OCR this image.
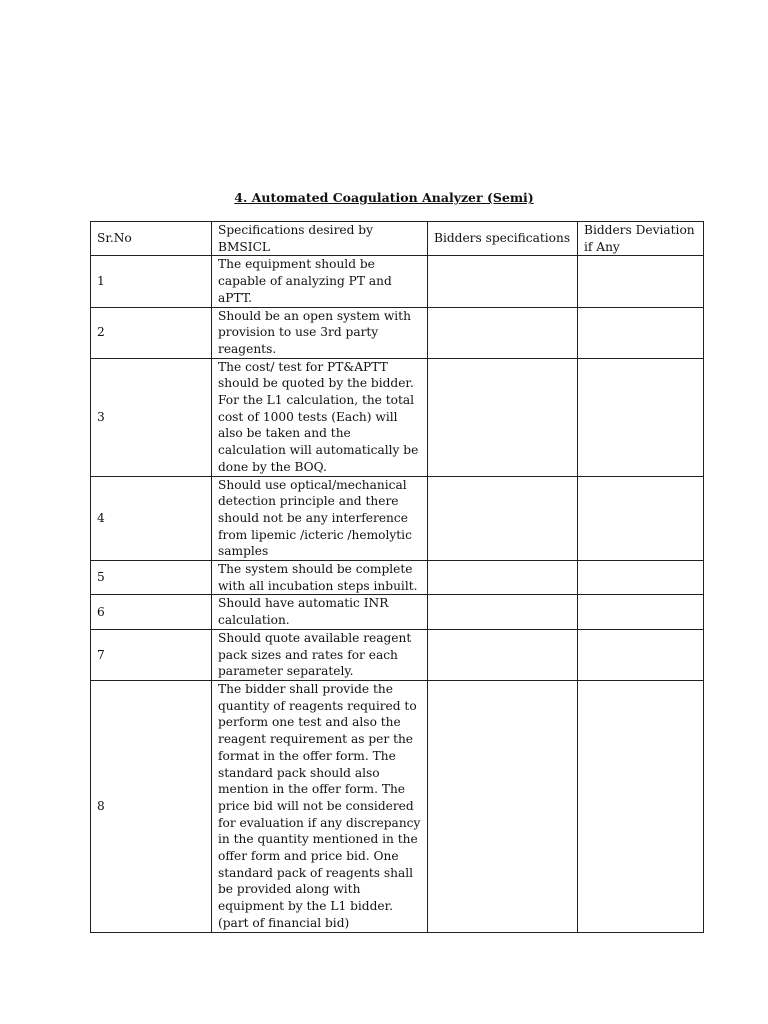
4. Automated Coagulation Analyzer (Semi)
Sr.No	Specifications desired by BMSICL	Bidders specifications	Bidders Deviation if Any
1	The equipment should be capable of analyzing PT and aPTT.		
2	Should be an open system with provision to use 3rd party reagents.		
3	The cost/ test for PT&APTT should be quoted by the bidder. For the L1 calculation, the total cost of 1000 tests (Each) will also be taken and the calculation will automatically be done by the BOQ.		
4	Should use optical/mechanical detection principle and there should not be any interference from lipemic /icteric /hemolytic samples		
5	The system should be complete with all incubation steps inbuilt.		
6	Should have automatic INR calculation.		
7	Should quote available reagent pack sizes and rates for each parameter separately.		
8	The bidder shall provide the quantity of reagents required to perform one test and also the reagent requirement as per the format in the offer form. The standard pack should also mention in the offer form. The price bid will not be considered for evaluation if any discrepancy in the quantity mentioned in the offer form and price bid. One standard pack of reagents shall be provided along with equipment by the L1 bidder. (part of financial bid)		
